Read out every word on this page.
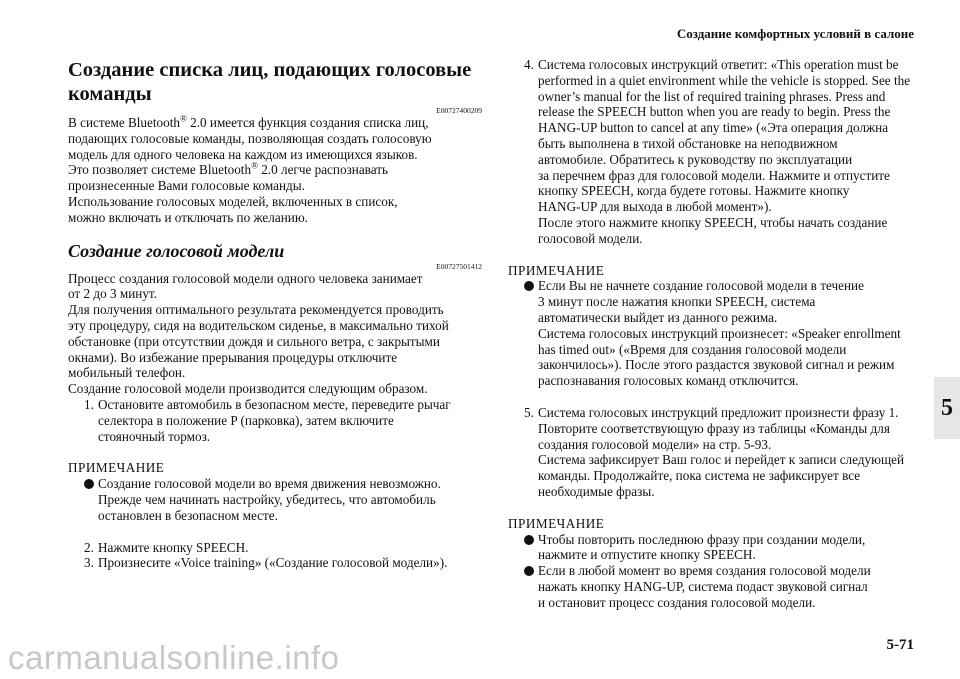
Создание комфортных условий в салоне
5
Создание списка лиц, подающих голосовые
команды

E00727400209

В системе Bluetooth® 2.0 имеется функция создания списка лиц,

подающих голосовые команды, позволяющая создать голосовую

модель для одного человека на каждом из имеющихся языков.

Это позволяет системе Bluetooth® 2.0 легче распознавать

произнесенные Вами голосовые команды.

Использование голосовых моделей, включенных в список,

можно включать и отключать по желанию.

Создание голосовой модели

E00727501412

Процесс создания голосовой модели одного человека занимает

от 2 до 3 минут.

Для получения оптимального результата рекомендуется проводить

эту процедуру, сидя на водительском сиденье, в максимально тихой

обстановке (при отсутствии дождя и сильного ветра, с закрытыми

окнами). Во избежание прерывания процедуры отключите

мобильный телефон.

Создание голосовой модели производится следующим образом.

1. Остановите автомобиль в безопасном месте, переведите рычаг

селектора в положение P (парковка), затем включите

стояночный тормоз.

ПРИМЕЧАНИЕ

Создание голосовой модели во время движения невозможно.

Прежде чем начинать настройку, убедитесь, что автомобиль

остановлен в безопасном месте.

2. Нажмите кнопку SPEECH.

3. Произнесите «Voice training» («Создание голосовой модели»).

4. Система голосовых инструкций ответит: «This operation must be

performed in a quiet environment while the vehicle is stopped. See the

owner’s manual for the list of required training phrases. Press and

release the SPEECH button when you are ready to begin. Press the

HANG-UP button to cancel at any time» («Эта операция должна

быть выполнена в тихой обстановке на неподвижном

автомобиле. Обратитесь к руководству по эксплуатации

за перечнем фраз для голосовой модели. Нажмите и отпустите

кнопку SPEECH, когда будете готовы. Нажмите кнопку

HANG-UP для выхода в любой момент»).

После этого нажмите кнопку SPEECH, чтобы начать создание

голосовой модели.

ПРИМЕЧАНИЕ

Если Вы не начнете создание голосовой модели в течение

3 минут после нажатия кнопки SPEECH, система

автоматически выйдет из данного режима.

Система голосовых инструкций произнесет: «Speaker enrollment

has timed out» («Время для создания голосовой модели

закончилось»). После этого раздастся звуковой сигнал и режим

распознавания голосовых команд отключится.

5. Система голосовых инструкций предложит произнести фразу 1.

Повторите соответствующую фразу из таблицы «Команды для

создания голосовой модели» на стр. 5-93.

Система зафиксирует Ваш голос и перейдет к записи следующей

команды. Продолжайте, пока система не зафиксирует все

необходимые фразы.

ПРИМЕЧАНИЕ

Чтобы повторить последнюю фразу при создании модели,

нажмите и отпустите кнопку SPEECH.

Если в любой момент во время создания голосовой модели

нажать кнопку HANG-UP, система подаст звуковой сигнал

и остановит процесс создания голосовой модели.

5-71
carmanualsonline.info
